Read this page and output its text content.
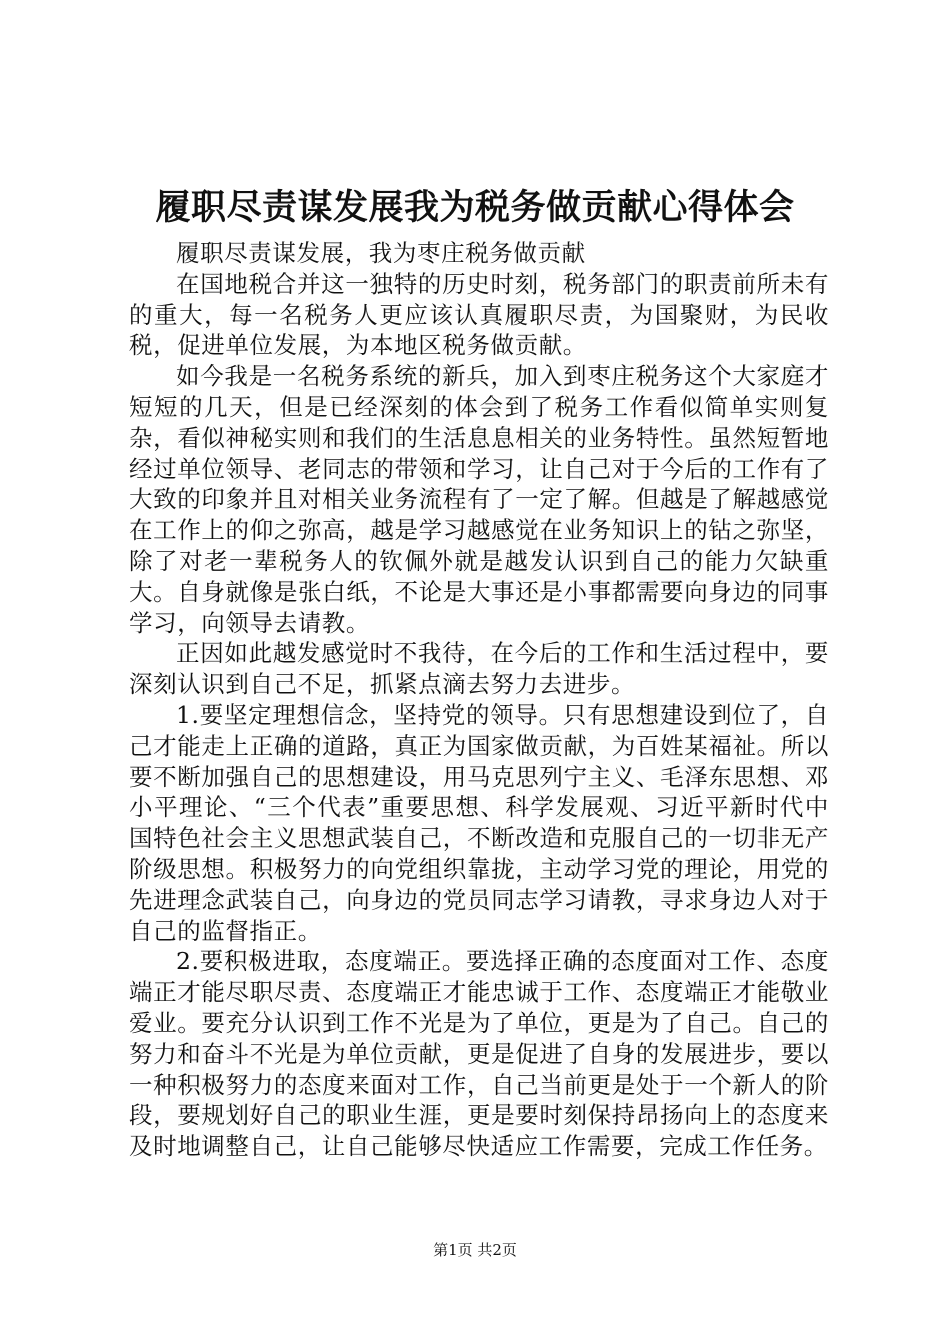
履职尽责谋发展我为税务做贡献心得体会

履职尽责谋发展，我为枣庄税务做贡献

在国地税合并这一独特的历史时刻，税务部门的职责前所未有的重大，每一名税务人更应该认真履职尽责，为国聚财，为民收税，促进单位发展，为本地区税务做贡献。

如今我是一名税务系统的新兵，加入到枣庄税务这个大家庭才短短的几天，但是已经深刻的体会到了税务工作看似简单实则复杂，看似神秘实则和我们的生活息息相关的业务特性。虽然短暂地经过单位领导、老同志的带领和学习，让自己对于今后的工作有了大致的印象并且对相关业务流程有了一定了解。但越是了解越感觉在工作上的仰之弥高，越是学习越感觉在业务知识上的钻之弥坚，除了对老一辈税务人的钦佩外就是越发认识到自己的能力欠缺重大。自身就像是张白纸，不论是大事还是小事都需要向身边的同事学习，向领导去请教。

正因如此越发感觉时不我待，在今后的工作和生活过程中，要深刻认识到自己不足，抓紧点滴去努力去进步。

1.要坚定理想信念，坚持党的领导。只有思想建设到位了，自己才能走上正确的道路，真正为国家做贡献，为百姓某福祉。所以要不断加强自己的思想建设，用马克思列宁主义、毛泽东思想、邓小平理论、“三个代表”重要思想、科学发展观、习近平新时代中国特色社会主义思想武装自己，不断改造和克服自己的一切非无产阶级思想。积极努力的向党组织靠拢，主动学习党的理论，用党的先进理念武装自己，向身边的党员同志学习请教，寻求身边人对于自己的监督指正。

2.要积极进取，态度端正。要选择正确的态度面对工作、态度端正才能尽职尽责、态度端正才能忠诚于工作、态度端正才能敬业爱业。要充分认识到工作不光是为了单位，更是为了自己。自己的努力和奋斗不光是为单位贡献，更是促进了自身的发展进步，要以一种积极努力的态度来面对工作，自己当前更是处于一个新人的阶段，要规划好自己的职业生涯，更是要时刻保持昂扬向上的态度来及时地调整自己，让自己能够尽快适应工作需要，完成工作任务。

第1页 共2页
